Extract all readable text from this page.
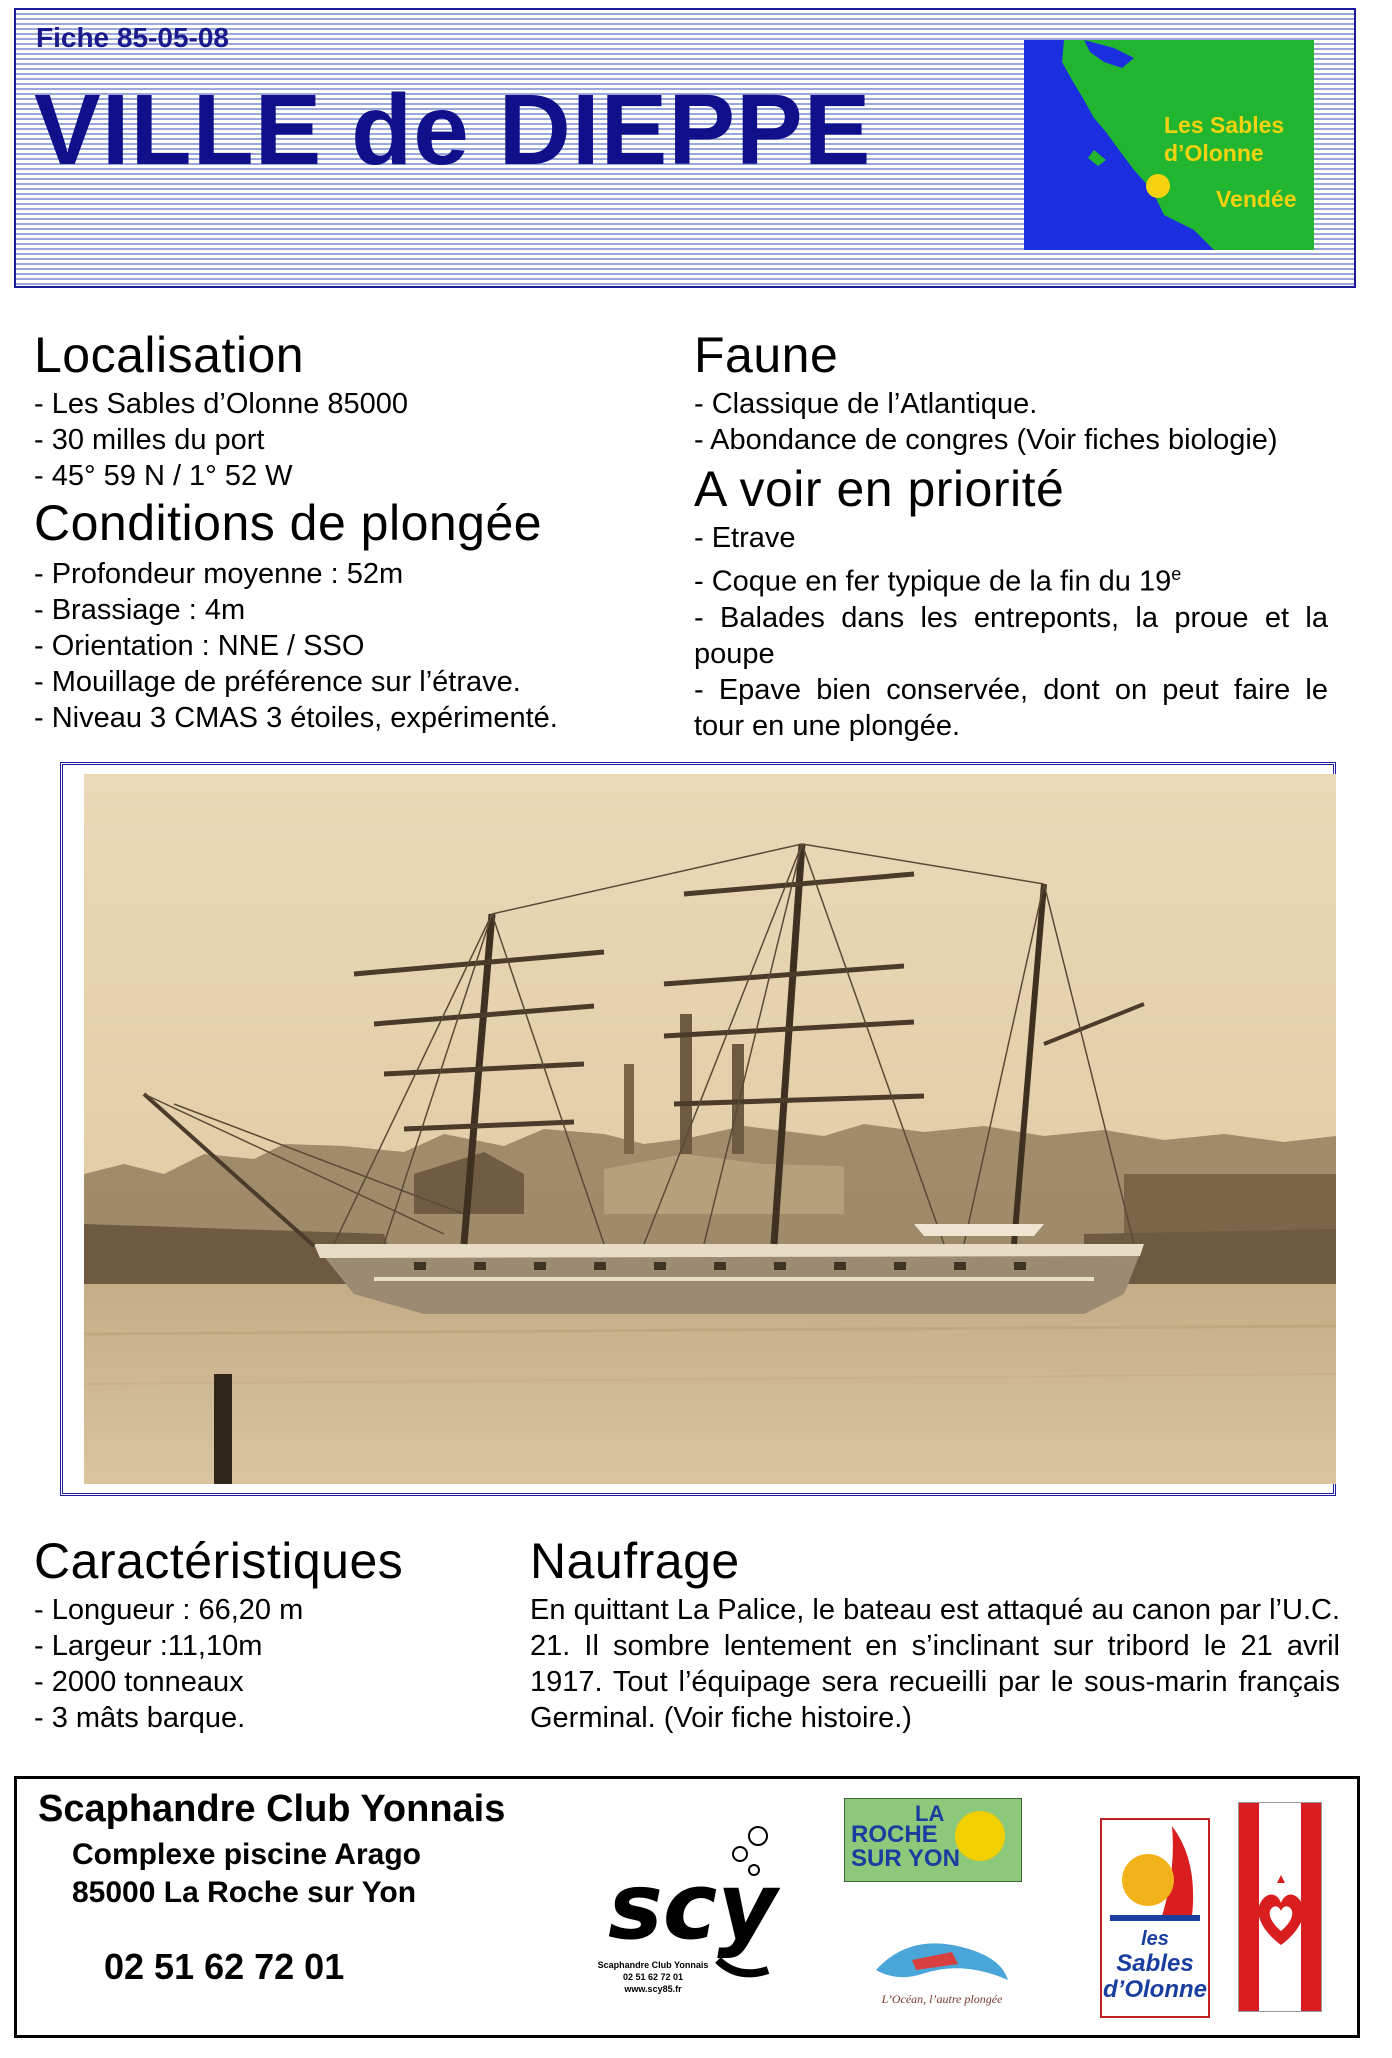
Fiche 85-05-08
VILLE de DIEPPE	Les Sables
d’Olonne
Vendée
Localisation
- Les Sables d’Olonne 85000
- 30 milles du port
- 45° 59 N / 1° 52 W
Conditions de plongée
- Profondeur moyenne : 52m
- Brassiage : 4m
- Orientation : NNE / SSO
- Mouillage de préférence sur l’étrave.
- Niveau 3 CMAS 3 étoiles, expérimenté.
Faune
- Classique de l’Atlantique.
- Abondance de congres (Voir fiches biologie)
A voir en priorité
- Etrave
- Coque en fer typique de la fin du 19e
- Balades dans les entreponts, la proue et la poupe
- Epave bien conservée, dont on peut faire le tour en une plongée.
Caractéristiques
- Longueur : 66,20 m
- Largeur :11,10m
- 2000 tonneaux
- 3 mâts barque.
Naufrage
En quittant La Palice, le bateau est attaqué au canon par l’U.C. 21. Il sombre lentement en s’inclinant sur tribord le 21 avril 1917. Tout l’équipage sera recueilli par le sous-marin français Germinal. (Voir fiche histoire.)
Scaphandre Club Yonnais
Complexe piscine Arago
85000 La Roche sur Yon
02 51 62 72 01
scy
Scaphandre Club Yonnais
02 51 62 72 01
www.scy85.fr
LA
ROCHE
SUR YON
L’Océan, l’autre plongée
les
Sables
d’Olonne
